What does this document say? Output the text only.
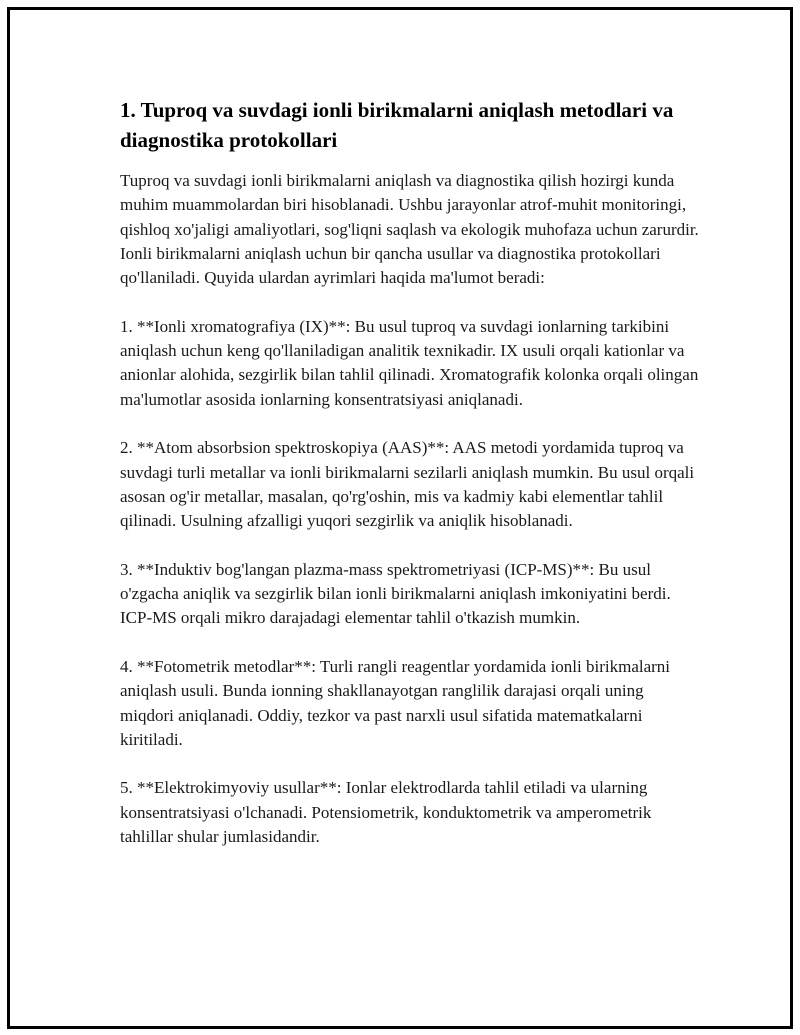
1. Tuproq va suvdagi ionli birikmalarni aniqlash metodlari va diagnostika protokollari

Tuproq va suvdagi ionli birikmalarni aniqlash va diagnostika qilish hozirgi kunda muhim muammolardan biri hisoblanadi. Ushbu jarayonlar atrof-muhit monitoringi, qishloq xo'jaligi amaliyotlari, sog'liqni saqlash va ekologik muhofaza uchun zarurdir. Ionli birikmalarni aniqlash uchun bir qancha usullar va diagnostika protokollari qo'llaniladi. Quyida ulardan ayrimlari haqida ma'lumot beradi:

1. **Ionli xromatografiya (IX)**: Bu usul tuproq va suvdagi ionlarning tarkibini aniqlash uchun keng qo'llaniladigan analitik texnikadir. IX usuli orqali kationlar va anionlar alohida, sezgirlik bilan tahlil qilinadi. Xromatografik kolonka orqali olingan ma'lumotlar asosida ionlarning konsentratsiyasi aniqlanadi.

2. **Atom absorbsion spektroskopiya (AAS)**: AAS metodi yordamida tuproq va suvdagi turli metallar va ionli birikmalarni sezilarli aniqlash mumkin. Bu usul orqali asosan og'ir metallar, masalan, qo'rg'oshin, mis va kadmiy kabi elementlar tahlil qilinadi. Usulning afzalligi yuqori sezgirlik va aniqlik hisoblanadi.

3. **Induktiv bog'langan plazma-mass spektrometriyasi (ICP-MS)**: Bu usul o'zgacha aniqlik va sezgirlik bilan ionli birikmalarni aniqlash imkoniyatini berdi. ICP-MS orqali mikro darajadagi elementar tahlil o'tkazish mumkin.

4. **Fotometrik metodlar**: Turli rangli reagentlar yordamida ionli birikmalarni aniqlash usuli. Bunda ionning shakllanayotgan ranglilik darajasi orqali uning miqdori aniqlanadi. Oddiy, tezkor va past narxli usul sifatida matematkalarni kiritiladi.

5. **Elektrokimyoviy usullar**: Ionlar elektrodlarda tahlil etiladi va ularning konsentratsiyasi o'lchanadi. Potensiometrik, konduktometrik va amperometrik tahlillar shular jumlasidandir.
